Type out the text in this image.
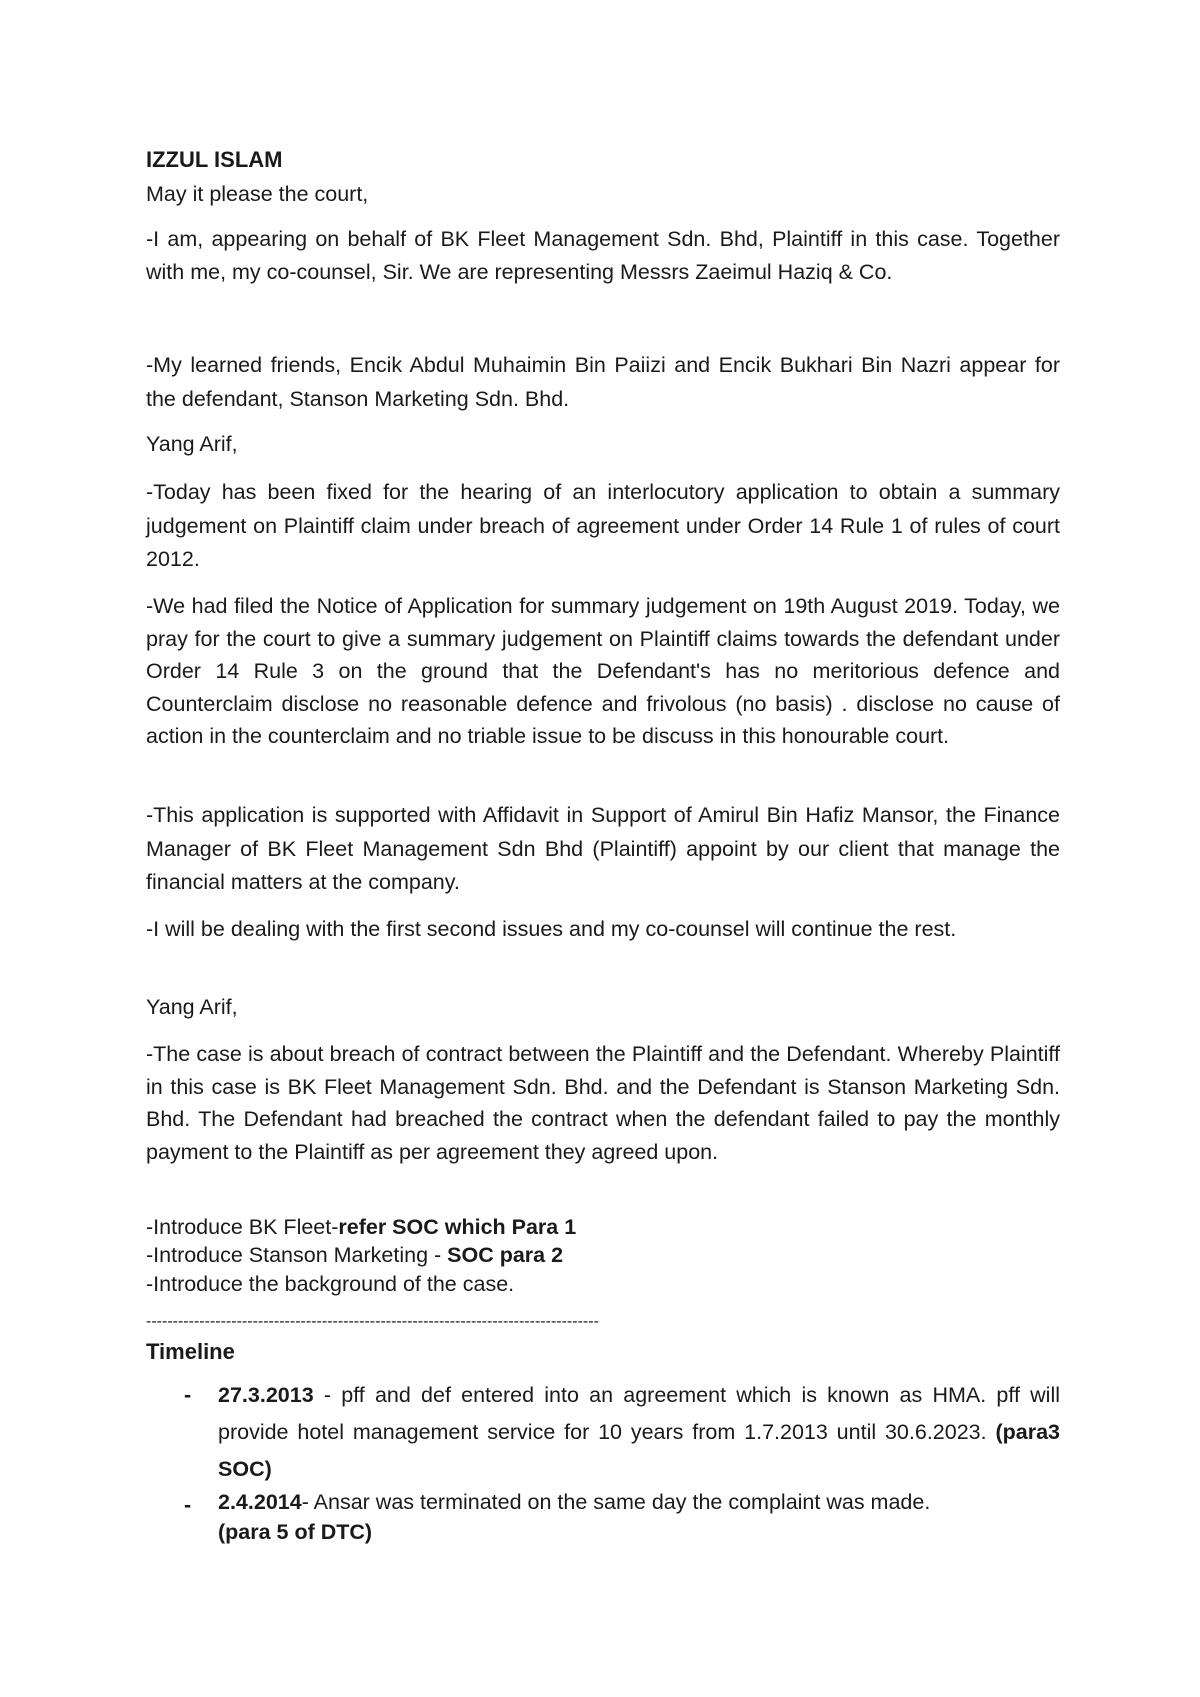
IZZUL ISLAM

May it please the court,

-I am, appearing on behalf of BK Fleet Management Sdn. Bhd, Plaintiff in this case. Together with me, my co-counsel, Sir. We are representing Messrs Zaeimul Haziq & Co.

-My learned friends, Encik Abdul Muhaimin Bin Paiizi and Encik Bukhari Bin Nazri appear for the defendant, Stanson Marketing Sdn. Bhd.

Yang Arif,

-Today has been fixed for the hearing of an interlocutory application to obtain a summary judgement on Plaintiff claim under breach of agreement under Order 14 Rule 1 of rules of court 2012.

-We had filed the Notice of Application for summary judgement on 19th August 2019. Today, we pray for the court to give a summary judgement on Plaintiff claims towards the defendant under Order 14 Rule 3 on the ground that the Defendant's has no meritorious defence and Counterclaim disclose no reasonable defence and frivolous (no basis) . disclose no cause of action in the counterclaim and no triable issue to be discuss in this honourable court.

-This application is supported with Affidavit in Support of Amirul Bin Hafiz Mansor, the Finance Manager of BK Fleet Management Sdn Bhd (Plaintiff) appoint by our client that manage the financial matters at the company.

-I will be dealing with the first second issues and my co-counsel will continue the rest.

Yang Arif,

-The case is about breach of contract between the Plaintiff and the Defendant. Whereby Plaintiff in this case is BK Fleet Management Sdn. Bhd. and the Defendant is Stanson Marketing Sdn. Bhd. The Defendant had breached the contract when the defendant failed to pay the monthly payment to the Plaintiff as per agreement they agreed upon.

-Introduce BK Fleet-refer SOC which Para 1

-Introduce Stanson Marketing - SOC para 2

-Introduce the background of the case.

-------------------------------------------------------------------------------------

Timeline

- 27.3.2013 - pff and def entered into an agreement which is known as HMA. pff will provide hotel management service for 10 years from 1.7.2013 until 30.6.2023. (para3 SOC)

- 2.4.2014- Ansar was terminated on the same day the complaint was made.
(para 5 of DTC)
